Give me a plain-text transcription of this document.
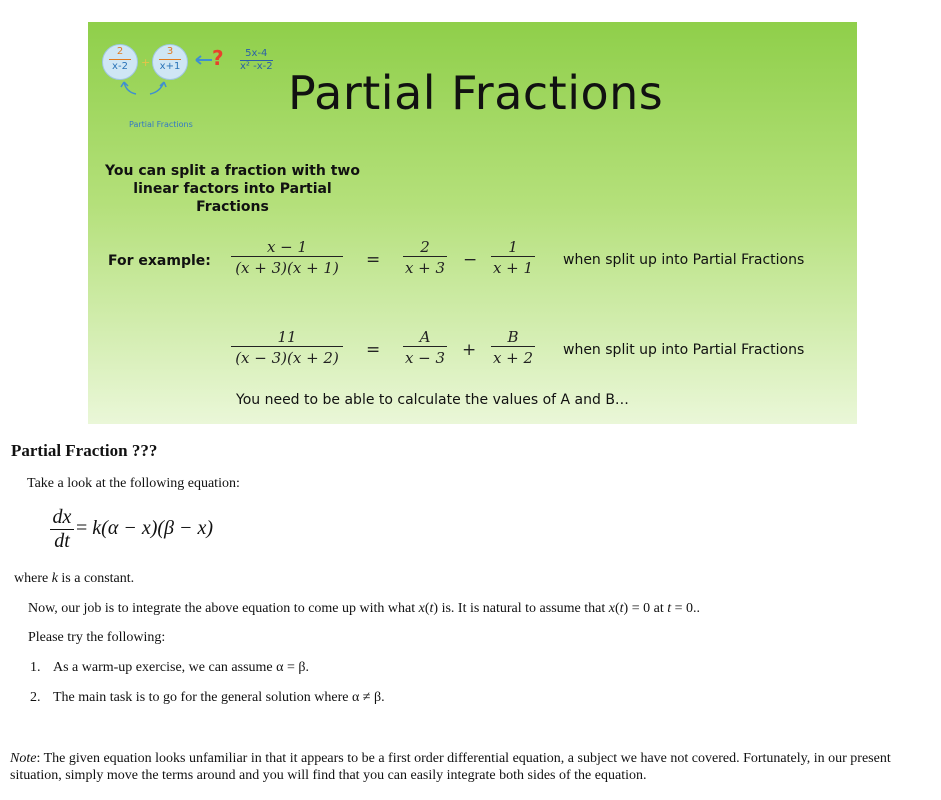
$\frac{2}{x-2} + \frac{3}{x+1}$ ? $\frac{5x-4}{\text{x² -x-2}}$
Partial Fractions
Partial Fractions
You can split a fraction with two linear factors into Partial Fractions
For example: $\frac{x - 1}{(x + 3)(x + 1)} = \frac{2}{x + 3} - \frac{1}{x + 1}$ when split up into Partial Fractions
$\frac{11}{(x - 3)(x + 2)} = \frac{A}{x - 3} + \frac{B}{x + 2}$ when split up into Partial Fractions
You need to be able to calculate the values of A and B…
Partial Fraction ???
Take a look at the following equation:
$\frac{dx}{dt} = k(\alpha - x)(\beta - x)$
where k is a constant.
Now, our job is to integrate the above equation to come up with what x(t) is. It is natural to assume that x(t) = 0 at t = 0..
Please try the following:
1. As a warm-up exercise, we can assume α = β.
2. The main task is to go for the general solution where α ≠ β.
Note: The given equation looks unfamiliar in that it appears to be a first order differential equation, a subject we have not covered. Fortunately, in our present situation, simply move the terms around and you will find that you can easily integrate both sides of the equation.
